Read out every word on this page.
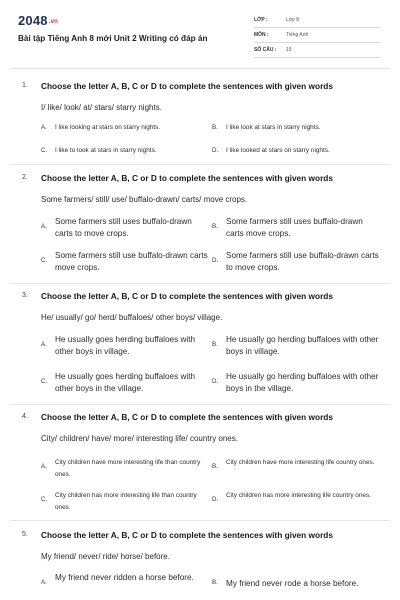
2048.vn
Bài tập Tiếng Anh 8 mới Unit 2 Writing có đáp án
LỚP :	Lớp 8
MÔN :	Tiếng Anh
SỐ CÂU : 15
1. Choose the letter A, B, C or D to complete the sentences with given words
I/ like/ look/ at/ stars/ starry nights.
A. I like looking at stars on starry nights.	B. I like look at stars in starry nights.
C. I like to look at stars in starry nights.	D. I like looked at stars on starry nights.
2. Choose the letter A, B, C or D to complete the sentences with given words
Some farmers/ still/ use/ buffalo-drawn/ carts/ move crops.
A.
Some farmers still uses buffalo-drawn carts to move crops.
B.
Some farmers still uses buffalo-drawn carts move crops.
C.
Some farmers still use buffalo-drawn carts move crops.
D.
Some farmers still use buffalo-drawn carts to move crops.
3. Choose the letter A, B, C or D to complete the sentences with given words
He/ usually/ go/ herd/ buffaloes/ other boys/ village.
A.
He usually goes herding buffaloes with other boys in village.
B.
He usually go herding buffaloes with other boys in village.
C.
He usually goes herding buffaloes with other boys in the village.
D.
He usually go herding buffaloes with other boys in the village.
4. Choose the letter A, B, C or D to complete the sentences with given words
City/ children/ have/ more/ interesting life/ country ones.
A.
City children have more interesting life than country ones.
B.
City children have more interesting life country ones.
C.
City children has more interesting life than country ones.
D.
City children has more interesting life country ones.
5. Choose the letter A, B, C or D to complete the sentences with given words
My friend/ never/ ride/ horse/ before.
A.
My friend never ridden a horse before.
B. My friend never rode a horse before.
